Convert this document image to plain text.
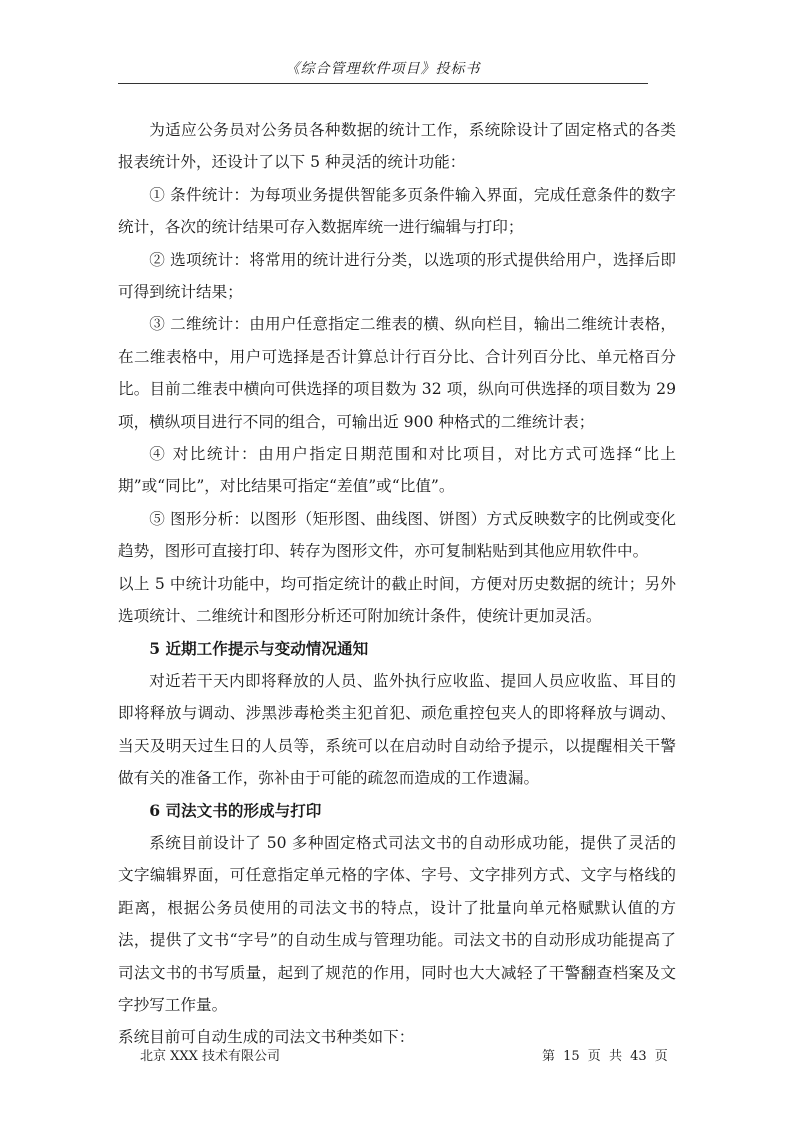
《综合管理软件项目》投标书

为适应公务员对公务员各种数据的统计工作，系统除设计了固定格式的各类报表统计外，还设计了以下 5 种灵活的统计功能：

① 条件统计：为每项业务提供智能多页条件输入界面，完成任意条件的数字统计，各次的统计结果可存入数据库统一进行编辑与打印；

② 选项统计：将常用的统计进行分类，以选项的形式提供给用户，选择后即可得到统计结果；

③ 二维统计：由用户任意指定二维表的横、纵向栏目，输出二维统计表格，在二维表格中，用户可选择是否计算总计行百分比、合计列百分比、单元格百分比。目前二维表中横向可供选择的项目数为 32 项，纵向可供选择的项目数为 29 项，横纵项目进行不同的组合，可输出近 900 种格式的二维统计表；

④ 对比统计：由用户指定日期范围和对比项目，对比方式可选择“比上期”或“同比”，对比结果可指定“差值”或“比值”。

⑤ 图形分析：以图形（矩形图、曲线图、饼图）方式反映数字的比例或变化趋势，图形可直接打印、转存为图形文件，亦可复制粘贴到其他应用软件中。

以上 5 中统计功能中，均可指定统计的截止时间，方便对历史数据的统计；另外选项统计、二维统计和图形分析还可附加统计条件，使统计更加灵活。

5 近期工作提示与变动情况通知

对近若干天内即将释放的人员、监外执行应收监、提回人员应收监、耳目的即将释放与调动、涉黑涉毒枪类主犯首犯、顽危重控包夹人的即将释放与调动、当天及明天过生日的人员等，系统可以在启动时自动给予提示，以提醒相关干警做有关的准备工作，弥补由于可能的疏忽而造成的工作遗漏。

6 司法文书的形成与打印

系统目前设计了 50 多种固定格式司法文书的自动形成功能，提供了灵活的文字编辑界面，可任意指定单元格的字体、字号、文字排列方式、文字与格线的距离，根据公务员使用的司法文书的特点，设计了批量向单元格赋默认值的方法，提供了文书“字号”的自动生成与管理功能。司法文书的自动形成功能提高了司法文书的书写质量，起到了规范的作用，同时也大大减轻了干警翻查档案及文字抄写工作量。

系统目前可自动生成的司法文书种类如下：

北京 XXX 技术有限公司	第 15 页 共 43 页
